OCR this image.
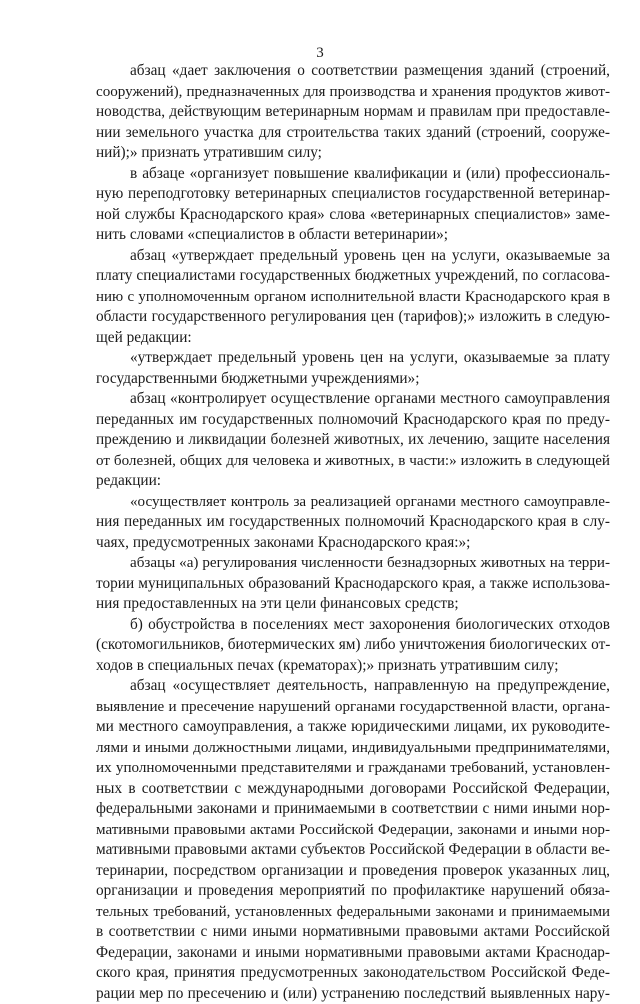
3
абзац «дает заключения о соответствии размещения зданий (строений,
сооружений), предназначенных для производства и хранения продуктов живот-
новодства, действующим ветеринарным нормам и правилам при предоставле-
нии земельного участка для строительства таких зданий (строений, сооруже-
ний);» признать утратившим силу;
в абзаце «организует повышение квалификации и (или) профессиональ-
ную переподготовку ветеринарных специалистов государственной ветеринар-
ной службы Краснодарского края» слова «ветеринарных специалистов» заме-
нить словами «специалистов в области ветеринарии»;
абзац «утверждает предельный уровень цен на услуги, оказываемые за
плату специалистами государственных бюджетных учреждений, по согласова-
нию с уполномоченным органом исполнительной власти Краснодарского края в
области государственного регулирования цен (тарифов);» изложить в следую-
щей редакции:
«утверждает предельный уровень цен на услуги, оказываемые за плату
государственными бюджетными учреждениями»;
абзац «контролирует осуществление органами местного самоуправления
переданных им государственных полномочий Краснодарского края по преду-
преждению и ликвидации болезней животных, их лечению, защите населения
от болезней, общих для человека и животных, в части:» изложить в следующей
редакции:
«осуществляет контроль за реализацией органами местного самоуправле-
ния переданных им государственных полномочий Краснодарского края в слу-
чаях, предусмотренных законами Краснодарского края:»;
абзацы «а) регулирования численности безнадзорных животных на терри-
тории муниципальных образований Краснодарского края, а также использова-
ния предоставленных на эти цели финансовых средств;
б) обустройства в поселениях мест захоронения биологических отходов
(скотомогильников, биотермических ям) либо уничтожения биологических от-
ходов в специальных печах (крематорах);» признать утратившим силу;
абзац «осуществляет деятельность, направленную на предупреждение,
выявление и пресечение нарушений органами государственной власти, органа-
ми местного самоуправления, а также юридическими лицами, их руководите-
лями и иными должностными лицами, индивидуальными предпринимателями,
их уполномоченными представителями и гражданами требований, установлен-
ных в соответствии с международными договорами Российской Федерации,
федеральными законами и принимаемыми в соответствии с ними иными нор-
мативными правовыми актами Российской Федерации, законами и иными нор-
мативными правовыми актами субъектов Российской Федерации в области ве-
теринарии, посредством организации и проведения проверок указанных лиц,
организации и проведения мероприятий по профилактике нарушений обяза-
тельных требований, установленных федеральными законами и принимаемыми
в соответствии с ними иными нормативными правовыми актами Российской
Федерации, законами и иными нормативными правовыми актами Краснодар-
ского края, принятия предусмотренных законодательством Российской Феде-
рации мер по пресечению и (или) устранению последствий выявленных нару-
